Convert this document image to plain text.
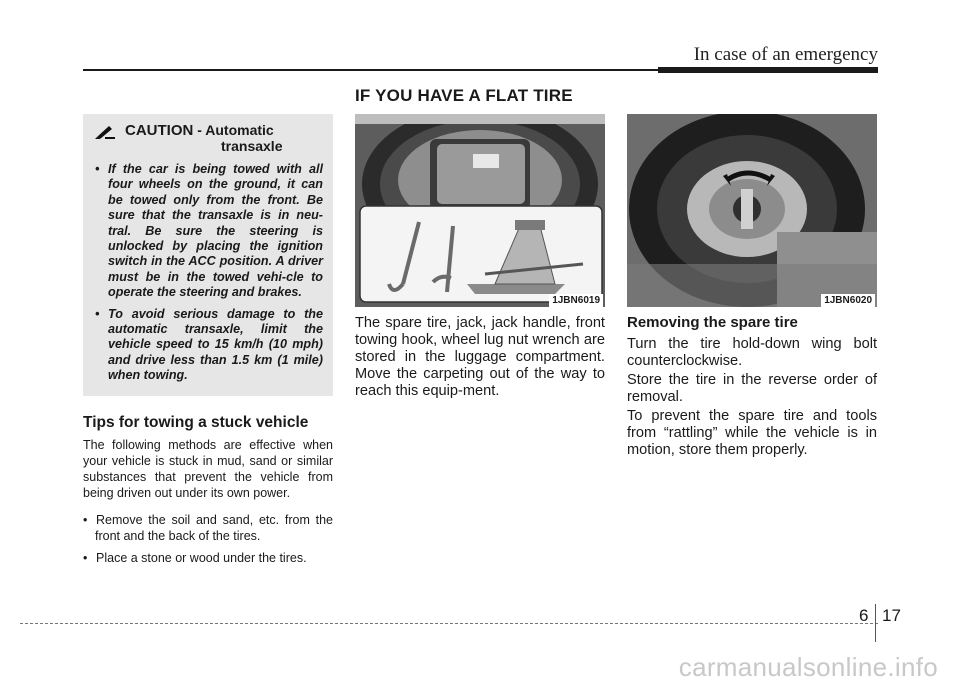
In case of an emergency
IF YOU HAVE A FLAT TIRE
CAUTION - Automatic
transaxle
• If the car is being towed with all four wheels on the ground, it can be towed only from the front. Be sure that the transaxle is in neu-tral. Be sure the steering is unlocked by placing the ignition switch in the ACC position. A driver must be in the towed vehi-cle to operate the steering and brakes.
• To avoid serious damage to the automatic transaxle, limit the vehicle speed to 15 km/h (10 mph) and drive less than 1.5 km (1 mile) when towing.
Tips for towing a stuck vehicle
The following methods are effective when your vehicle is stuck in mud, sand or similar substances that prevent the vehicle from being driven out under its own power.
• Remove the soil and sand, etc. from the front and the back of the tires.
• Place a stone or wood under the tires.
1JBN6019	1JBN6020
The spare tire, jack, jack handle, front towing hook, wheel lug nut wrench are stored in the luggage compartment. Move the carpeting out of the way to reach this equip-ment.
Removing the spare tire
Turn the tire hold-down wing bolt counterclockwise.
Store the tire in the reverse order of removal.
To prevent the spare tire and tools from “rattling” while the vehicle is in motion, store them properly.
6 17
carmanualsonline.info
